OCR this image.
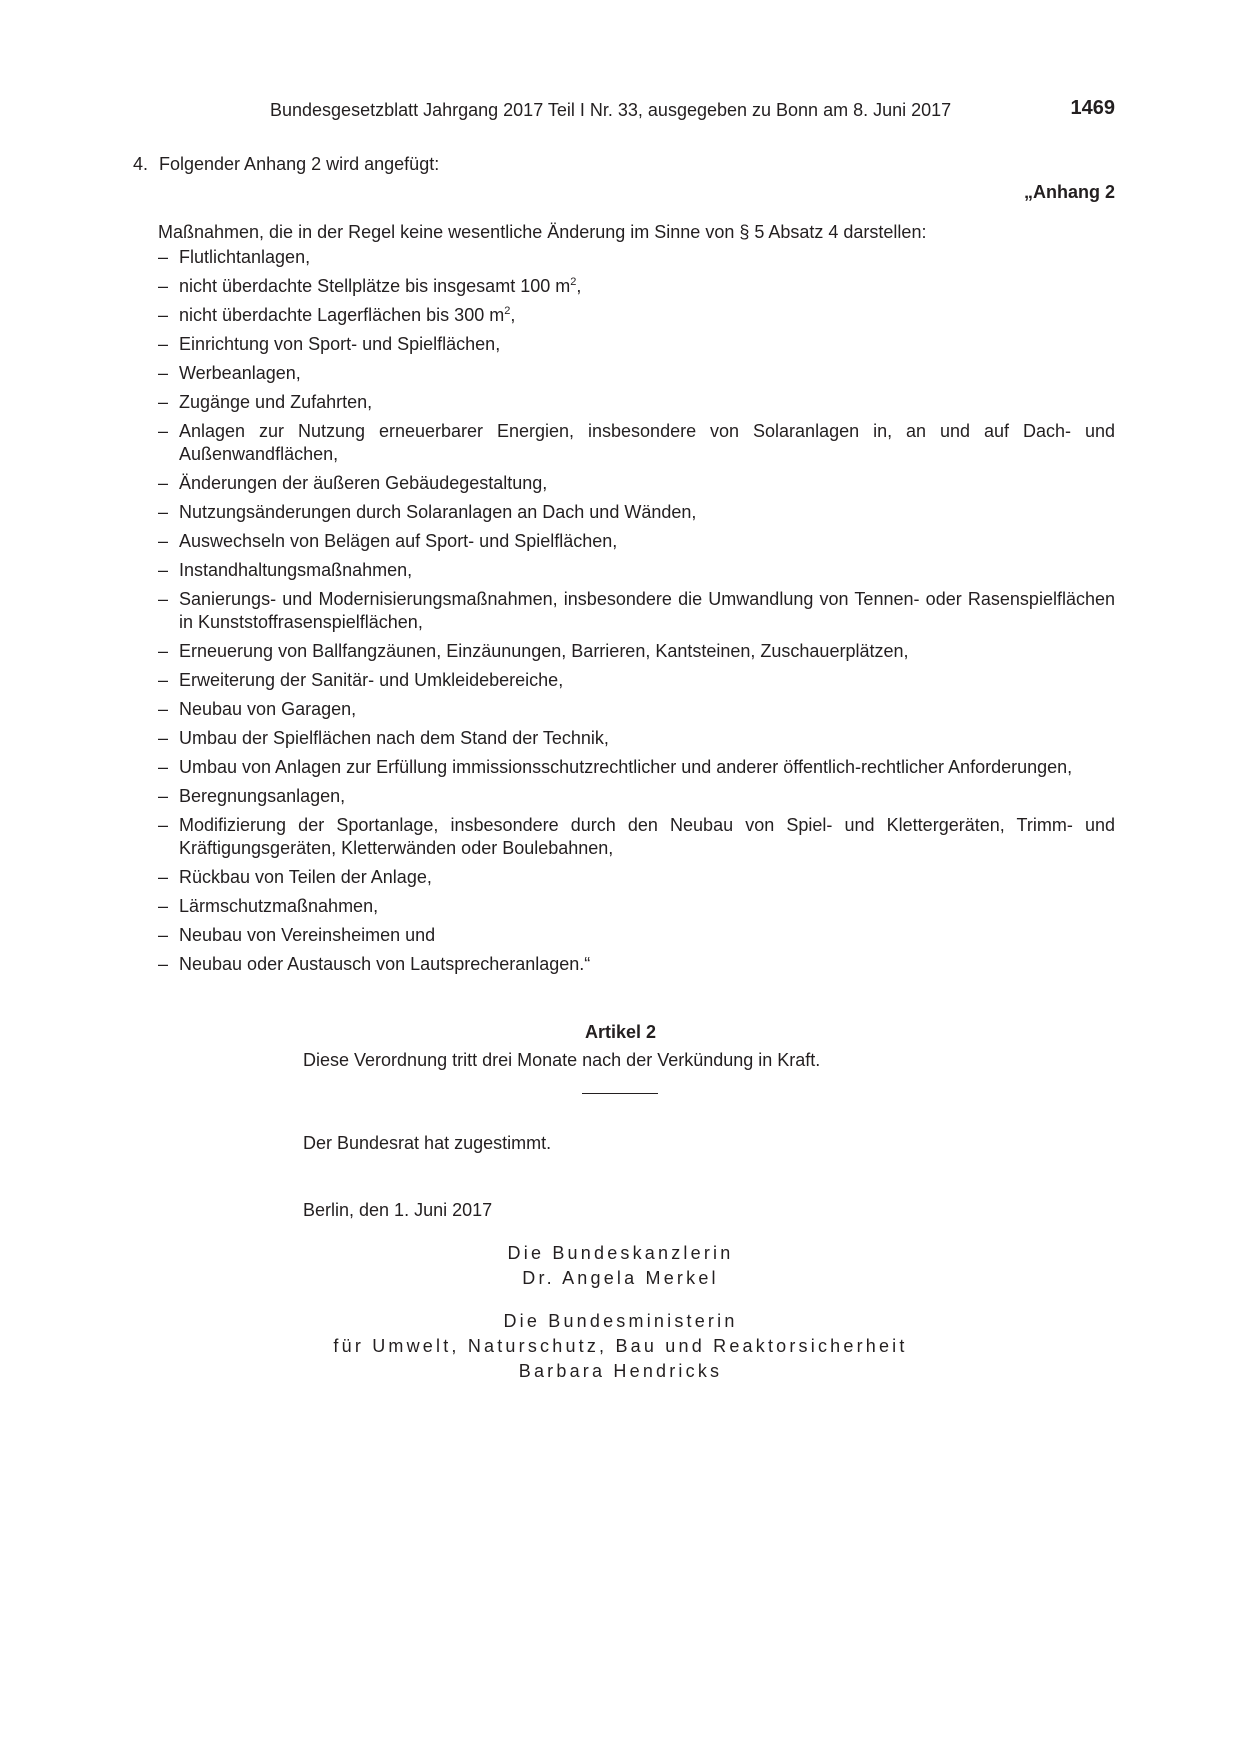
Bundesgesetzblatt Jahrgang 2017 Teil I Nr. 33, ausgegeben zu Bonn am 8. Juni 2017	1469
4. Folgender Anhang 2 wird angefügt:
„Anhang 2
Maßnahmen, die in der Regel keine wesentliche Änderung im Sinne von § 5 Absatz 4 darstellen:
– Flutlichtanlagen,
– nicht überdachte Stellplätze bis insgesamt 100 $m^2$,
– nicht überdachte Lagerflächen bis 300 $m^2$,
– Einrichtung von Sport- und Spielflächen,
– Werbeanlagen,
– Zugänge und Zufahrten,
– Anlagen zur Nutzung erneuerbarer Energien, insbesondere von Solaranlagen in, an und auf Dach- und Außenwandflächen,
– Änderungen der äußeren Gebäudegestaltung,
– Nutzungsänderungen durch Solaranlagen an Dach und Wänden,
– Auswechseln von Belägen auf Sport- und Spielflächen,
– Instandhaltungsmaßnahmen,
– Sanierungs- und Modernisierungsmaßnahmen, insbesondere die Umwandlung von Tennen- oder Rasenspielflächen in Kunststoffrasenspielflächen,
– Erneuerung von Ballfangzäunen, Einzäunungen, Barrieren, Kantsteinen, Zuschauerplätzen,
– Erweiterung der Sanitär- und Umkleidebereiche,
– Neubau von Garagen,
– Umbau der Spielflächen nach dem Stand der Technik,
– Umbau von Anlagen zur Erfüllung immissionsschutzrechtlicher und anderer öffentlich-rechtlicher Anforderungen,
– Beregnungsanlagen,
– Modifizierung der Sportanlage, insbesondere durch den Neubau von Spiel- und Klettergeräten, Trimm- und Kräftigungsgeräten, Kletterwänden oder Boulebahnen,
– Rückbau von Teilen der Anlage,
– Lärmschutzmaßnahmen,
– Neubau von Vereinsheimen und
– Neubau oder Austausch von Lautsprecheranlagen.“
Artikel 2
Diese Verordnung tritt drei Monate nach der Verkündung in Kraft.
Der Bundesrat hat zugestimmt.
Berlin, den 1. Juni 2017
Die Bundeskanzlerin
Dr. Angela Merkel
Die Bundesministerin
für Umwelt, Naturschutz, Bau und Reaktorsicherheit
Barbara Hendricks
